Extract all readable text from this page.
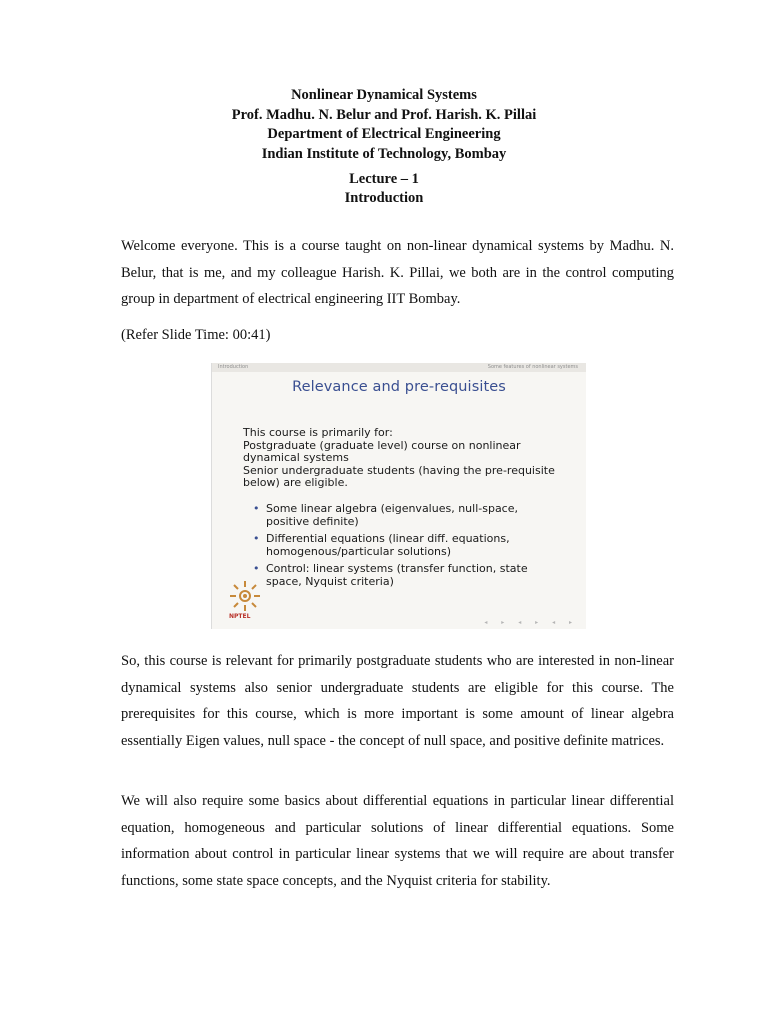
Nonlinear Dynamical Systems
Prof. Madhu. N. Belur and Prof. Harish. K. Pillai
Department of Electrical Engineering
Indian Institute of Technology, Bombay
Lecture – 1
Introduction

Welcome everyone. This is a course taught on non-linear dynamical systems by Madhu. N. Belur, that is me, and my colleague Harish. K. Pillai, we both are in the control computing group in department of electrical engineering IIT Bombay.

(Refer Slide Time: 00:41)

Introduction	Some features of nonlinear systems
Relevance and pre-requisites
This course is primarily for:
Postgraduate (graduate level) course on nonlinear
dynamical systems
Senior undergraduate students (having the pre-requisite
below) are eligible.
• Some linear algebra (eigenvalues, null-space,
positive definite)
• Differential equations (linear diff. equations,
homogenous/particular solutions)
• Control: linear systems (transfer function, state
space, Nyquist criteria)
NPTEL
◂ ▸ ◂ ▸ ◂ ▸

So, this course is relevant for primarily postgraduate students who are interested in non-linear dynamical systems also senior undergraduate students are eligible for this course. The prerequisites for this course, which is more important is some amount of linear algebra essentially Eigen values, null space - the concept of null space, and positive definite matrices.

We will also require some basics about differential equations in particular linear differential equation, homogeneous and particular solutions of linear differential equations. Some information about control in particular linear systems that we will require are about transfer functions, some state space concepts, and the Nyquist criteria for stability.
